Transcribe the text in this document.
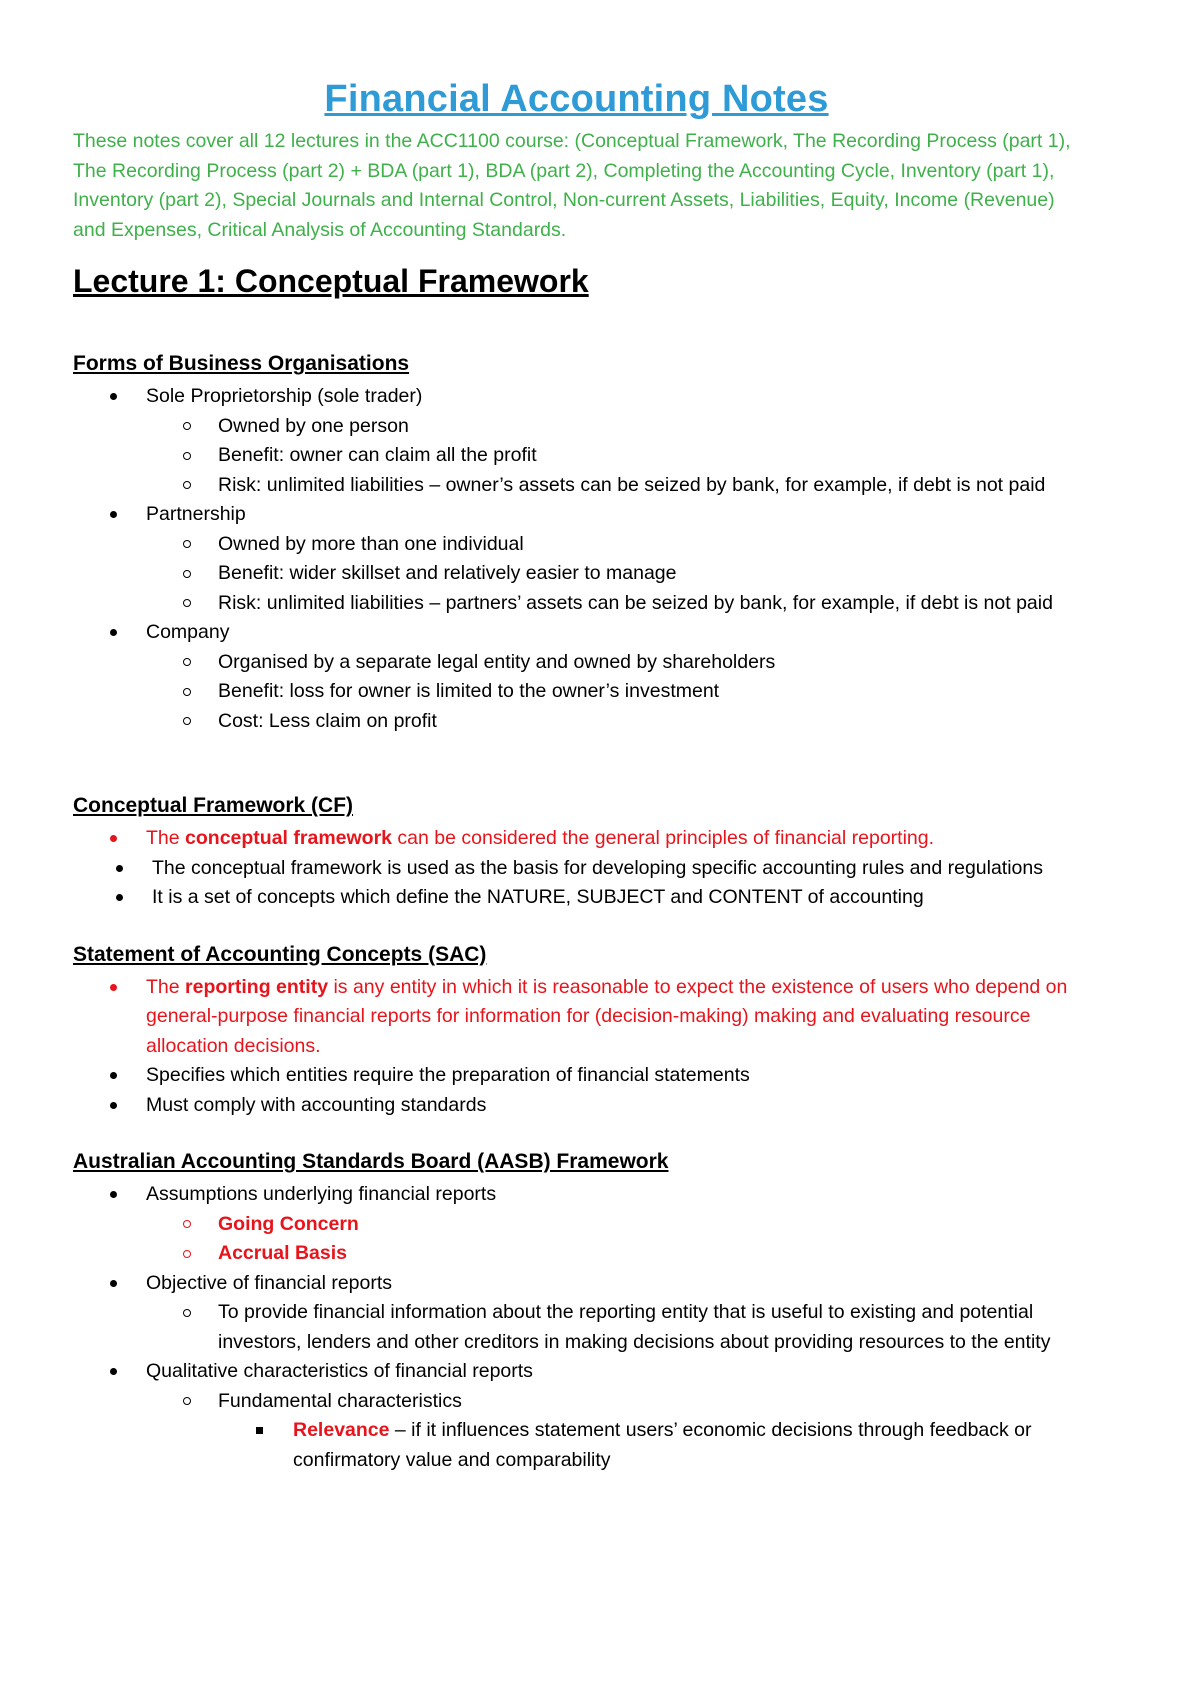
Financial Accounting Notes
These notes cover all 12 lectures in the ACC1100 course: (Conceptual Framework, The Recording Process (part 1), The Recording Process (part 2) + BDA (part 1), BDA (part 2), Completing the Accounting Cycle, Inventory (part 1), Inventory (part 2), Special Journals and Internal Control, Non-current Assets, Liabilities, Equity, Income (Revenue) and Expenses, Critical Analysis of Accounting Standards.
Lecture 1: Conceptual Framework
Forms of Business Organisations
Sole Proprietorship (sole trader)
Owned by one person
Benefit: owner can claim all the profit
Risk: unlimited liabilities – owner’s assets can be seized by bank, for example, if debt is not paid
Partnership
Owned by more than one individual
Benefit: wider skillset and relatively easier to manage
Risk: unlimited liabilities – partners’ assets can be seized by bank, for example, if debt is not paid
Company
Organised by a separate legal entity and owned by shareholders
Benefit: loss for owner is limited to the owner’s investment
Cost: Less claim on profit
Conceptual Framework (CF)
The conceptual framework can be considered the general principles of financial reporting.
The conceptual framework is used as the basis for developing specific accounting rules and regulations
It is a set of concepts which define the NATURE, SUBJECT and CONTENT of accounting
Statement of Accounting Concepts (SAC)
The reporting entity is any entity in which it is reasonable to expect the existence of users who depend on general-purpose financial reports for information for (decision-making) making and evaluating resource allocation decisions.
Specifies which entities require the preparation of financial statements
Must comply with accounting standards
Australian Accounting Standards Board (AASB) Framework
Assumptions underlying financial reports
Going Concern
Accrual Basis
Objective of financial reports
To provide financial information about the reporting entity that is useful to existing and potential investors, lenders and other creditors in making decisions about providing resources to the entity
Qualitative characteristics of financial reports
Fundamental characteristics
Relevance – if it influences statement users’ economic decisions through feedback or confirmatory value and comparability
